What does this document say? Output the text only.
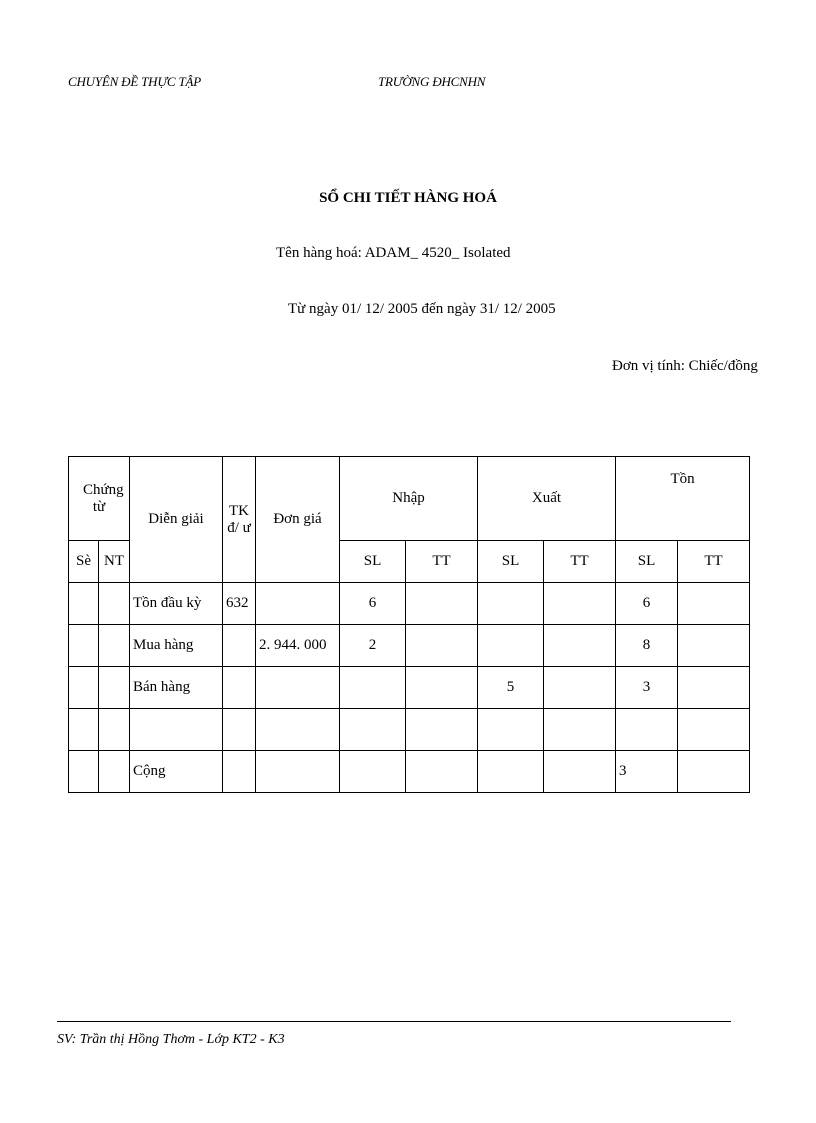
CHUYÊN ĐỀ THỰC TẬP	TRƯỜNG ĐHCNHN
SỔ CHI TIẾT HÀNG HOÁ
Tên hàng hoá: ADAM_ 4520_ Isolated
Từ ngày 01/ 12/ 2005 đến ngày 31/ 12/ 2005
Đơn vị tính: Chiếc/đồng
Chứng từ		Diễn giải	TK đ/ ư	Đơn giá	Nhập		Xuất		Tồn	
Sè	NT				SL	TT	SL	TT	SL	TT
		Tồn đầu kỳ	632		6				6	
		Mua hàng		2. 944. 000	2				8	
		Bán hàng					5		3	

		Cộng							3	
SV: Trần thị Hồng Thơm - Lớp KT2 - K3
